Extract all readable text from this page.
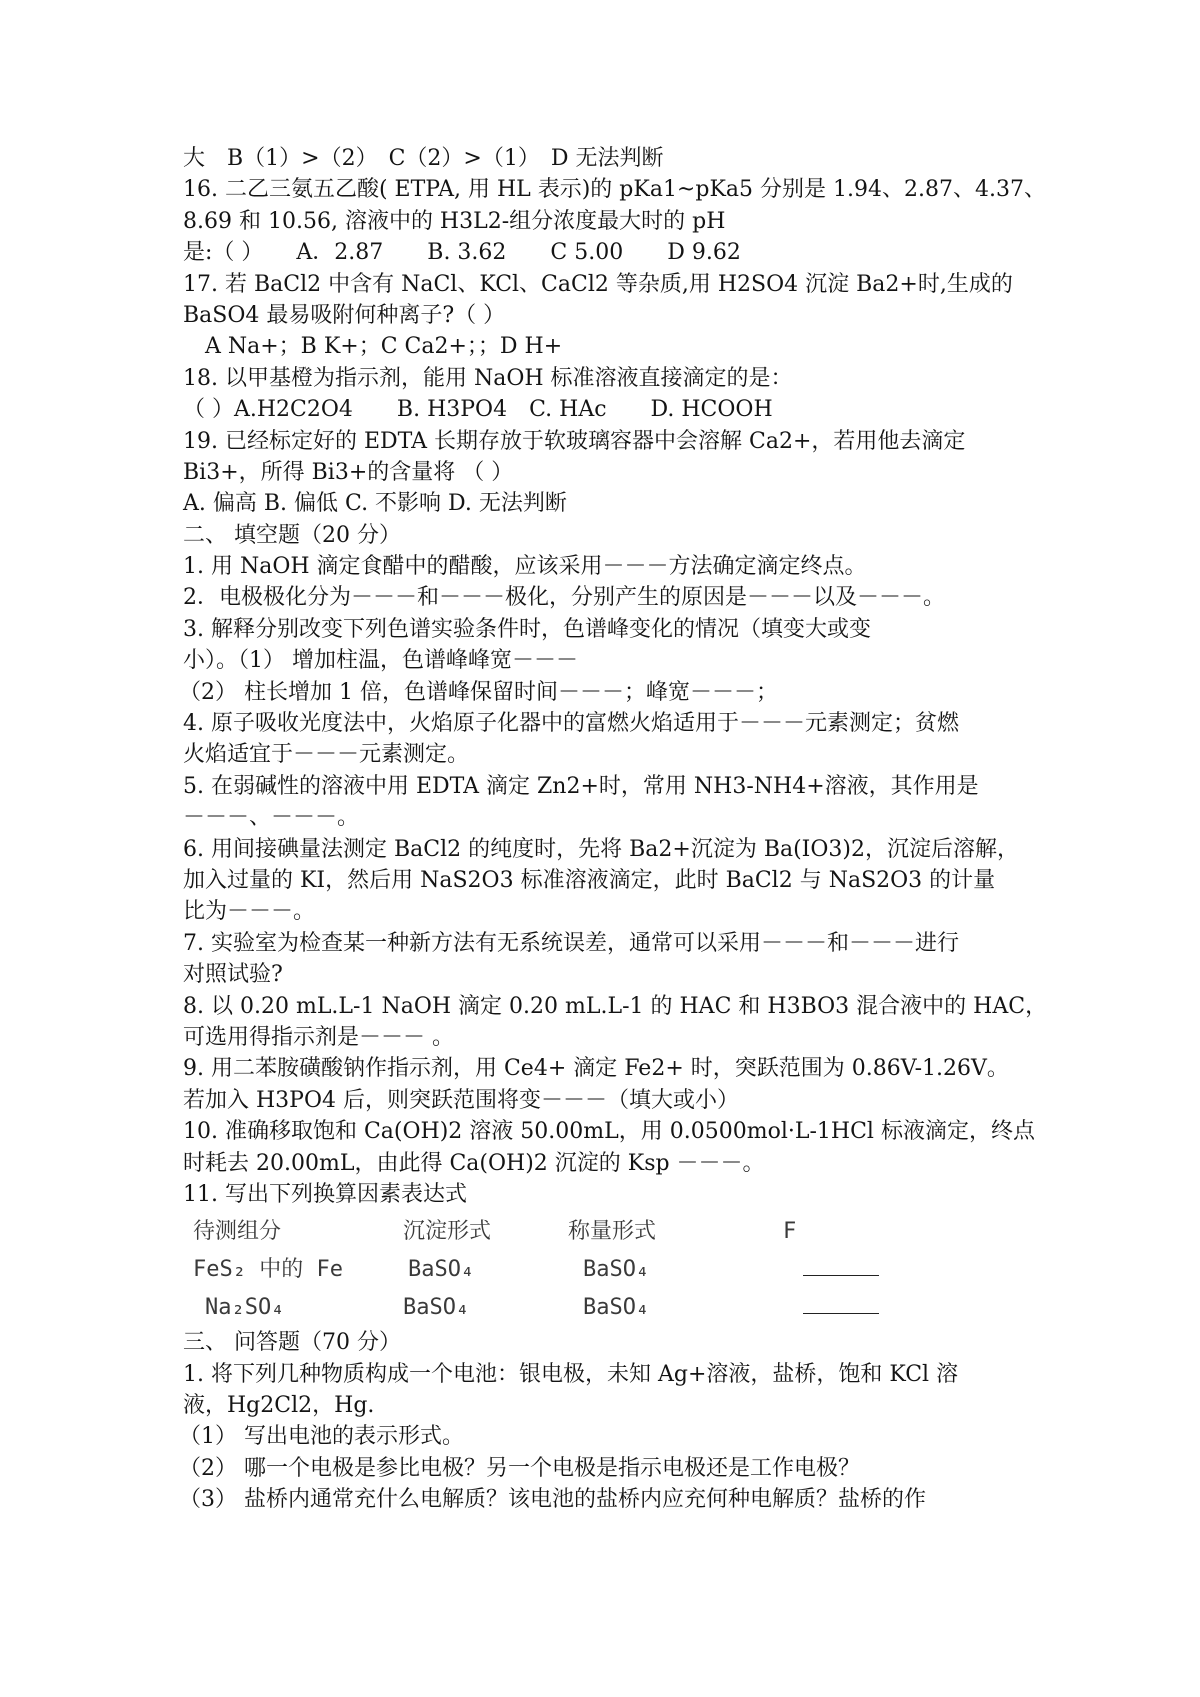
大　B（1）>（2）　C（2）>（1）　D 无法判断
16. 二乙三氨五乙酸( ETPA, 用 HL 表示)的 pKa1~pKa5 分别是 1.94、2.87、4.37、
8.69 和 10.56, 溶液中的 H3L2-组分浓度最大时的 pH
是:（ ）　　A．2.87　　B. 3.62　　C 5.00　　D 9.62
17. 若 BaCl2 中含有 NaCl、KCl、CaCl2 等杂质,用 H2SO4 沉淀 Ba2+时,生成的
BaSO4 最易吸附何种离子?（ ）
A Na+；B K+；C Ca2+；；D H+
18. 以甲基橙为指示剂，能用 NaOH 标准溶液直接滴定的是：
（ ）A.H2C2O4　　B. H3PO4　C. HAc　　D. HCOOH
19. 已经标定好的 EDTA 长期存放于软玻璃容器中会溶解 Ca2+，若用他去滴定
Bi3+，所得 Bi3+的含量将 （ ）
A. 偏高 B. 偏低 C. 不影响 D. 无法判断
二、 填空题（20 分）
1. 用 NaOH 滴定食醋中的醋酸，应该采用－－－方法确定滴定终点。
2．电极极化分为－－－和－－－极化，分别产生的原因是－－－以及－－－。
3. 解释分别改变下列色谱实验条件时，色谱峰变化的情况（填变大或变
小）。（1） 增加柱温，色谱峰峰宽－－－
（2） 柱长增加 1 倍，色谱峰保留时间－－－；峰宽－－－；
4. 原子吸收光度法中，火焰原子化器中的富燃火焰适用于－－－元素测定；贫燃
火焰适宜于－－－元素测定。
5. 在弱碱性的溶液中用 EDTA 滴定 Zn2+时，常用 NH3-NH4+溶液，其作用是
－－－、－－－。
6. 用间接碘量法测定 BaCl2 的纯度时，先将 Ba2+沉淀为 Ba(IO3)2，沉淀后溶解，
加入过量的 KI，然后用 NaS2O3 标准溶液滴定，此时 BaCl2 与 NaS2O3 的计量
比为－－－。
7. 实验室为检查某一种新方法有无系统误差，通常可以采用－－－和－－－进行
对照试验?
8. 以 0.20 mL.L-1 NaOH 滴定 0.20 mL.L-1 的 HAC 和 H3BO3 混合液中的 HAC，
可选用得指示剂是－－－ 。
9. 用二苯胺磺酸钠作指示剂，用 Ce4+ 滴定 Fe2+ 时，突跃范围为 0.86V-1.26V。
若加入 H3PO4 后，则突跃范围将变－－－（填大或小）
10. 准确移取饱和 Ca(OH)2 溶液 50.00mL，用 0.0500mol·L-1HCl 标液滴定，终点
时耗去 20.00mL，由此得 Ca(OH)2 沉淀的 Ksp －－－。
11. 写出下列换算因素表达式
待测组分	沉淀形式	称量形式	F
FeS₂ 中的 Fe	BaSO₄	BaSO₄
Na₂SO₄	BaSO₄	BaSO₄
三、 问答题（70 分）
1. 将下列几种物质构成一个电池：银电极，未知 Ag+溶液，盐桥，饱和 KCl 溶
液，Hg2Cl2，Hg.
（1） 写出电池的表示形式。
（2） 哪一个电极是参比电极？另一个电极是指示电极还是工作电极？
（3） 盐桥内通常充什么电解质？该电池的盐桥内应充何种电解质？盐桥的作
